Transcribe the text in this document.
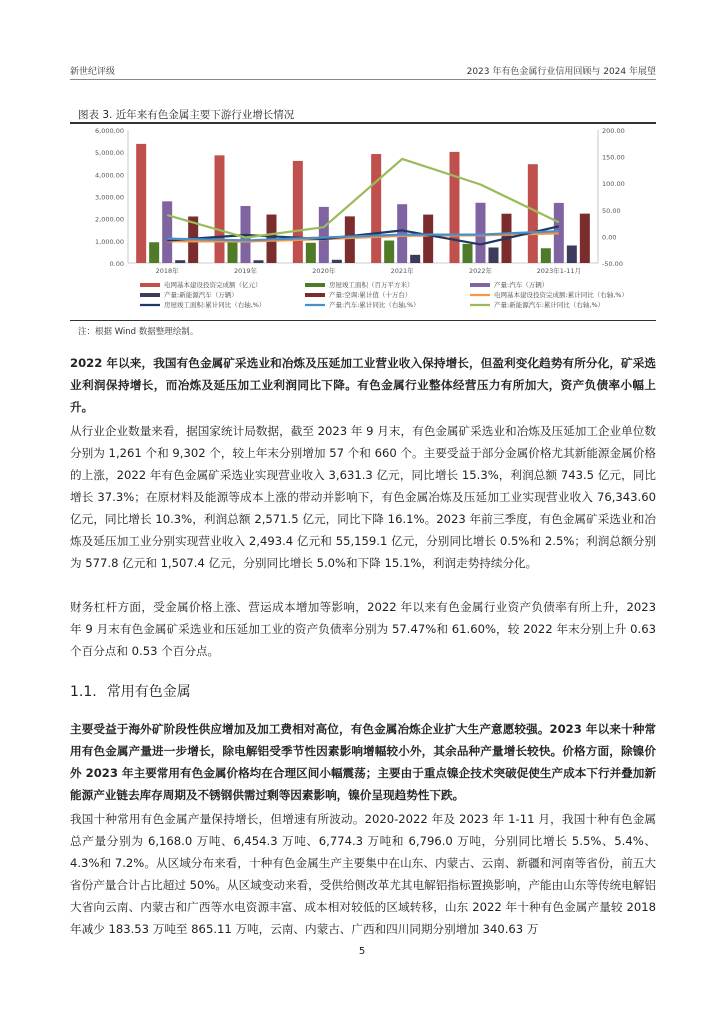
新世纪评级	2023 年有色金属行业信用回顾与 2024 年展望
图表 3. 近年来有色金属主要下游行业增长情况
0.00
1,000.00
2,000.00
3,000.00
4,000.00
5,000.00
6,000.00
-50.00
0.00
50.00
100.00
150.00
200.00
2018年	2019年	2020年	2021年	2022年	2023年1-11月
电网基本建设投资完成额（亿元）	房屋竣工面积（百万平方米）	产量:汽车（万辆）
产量:新能源汽车（万辆）	产量:空调:累计值（十万台）	电网基本建设投资完成额:累计同比（右轴,%）
房屋竣工面积:累计同比（右轴,%）	产量:汽车:累计同比（右轴,%）	产量:新能源汽车:累计同比（右轴,%）
注：根据 Wind 数据整理绘制。
2022 年以来，我国有色金属矿采选业和冶炼及压延加工业营业收入保持增长，但盈利变化趋势有所分化，矿采选业利润保持增长，而冶炼及延压加工业利润同比下降。有色金属行业整体经营压力有所加大，资产负债率小幅上升。
从行业企业数量来看，据国家统计局数据，截至 2023 年 9 月末，有色金属矿采选业和冶炼及压延加工企业单位数分别为 1,261 个和 9,302 个，较上年末分别增加 57 个和 660 个。主要受益于部分金属价格尤其新能源金属价格的上涨，2022 年有色金属矿采选业实现营业收入 3,631.3 亿元，同比增长 15.3%，利润总额 743.5 亿元，同比增长 37.3%；在原材料及能源等成本上涨的带动并影响下，有色金属冶炼及压延加工业实现营业收入 76,343.60 亿元，同比增长 10.3%，利润总额 2,571.5 亿元，同比下降 16.1%。2023 年前三季度，有色金属矿采选业和冶炼及延压加工业分别实现营业收入 2,493.4 亿元和 55,159.1 亿元，分别同比增长 0.5%和 2.5%；利润总额分别为 577.8 亿元和 1,507.4 亿元，分别同比增长 5.0%和下降 15.1%，利润走势持续分化。
财务杠杆方面，受金属价格上涨、营运成本增加等影响，2022 年以来有色金属行业资产负债率有所上升，2023 年 9 月末有色金属矿采选业和压延加工业的资产负债率分别为 57.47%和 61.60%，较 2022 年末分别上升 0.63 个百分点和 0.53 个百分点。
1.1. 常用有色金属
主要受益于海外矿阶段性供应增加及加工费相对高位，有色金属冶炼企业扩大生产意愿较强。2023 年以来十种常用有色金属产量进一步增长，除电解铝受季节性因素影响增幅较小外，其余品种产量增长较快。价格方面，除镍价外 2023 年主要常用有色金属价格均在合理区间小幅震荡；主要由于重点镍企技术突破促使生产成本下行并叠加新能源产业链去库存周期及不锈钢供需过剩等因素影响，镍价呈现趋势性下跌。
我国十种常用有色金属产量保持增长，但增速有所波动。2020-2022 年及 2023 年 1-11 月，我国十种有色金属总产量分别为 6,168.0 万吨、6,454.3 万吨、6,774.3 万吨和 6,796.0 万吨，分别同比增长 5.5%、5.4%、4.3%和 7.2%。从区域分布来看，十种有色金属生产主要集中在山东、内蒙古、云南、新疆和河南等省份，前五大省份产量合计占比超过 50%。从区域变动来看，受供给侧改革尤其电解铝指标置换影响，产能由山东等传统电解铝大省向云南、内蒙古和广西等水电资源丰富、成本相对较低的区域转移，山东 2022 年十种有色金属产量较 2018 年减少 183.53 万吨至 865.11 万吨，云南、内蒙古、广西和四川同期分别增加 340.63 万
5
